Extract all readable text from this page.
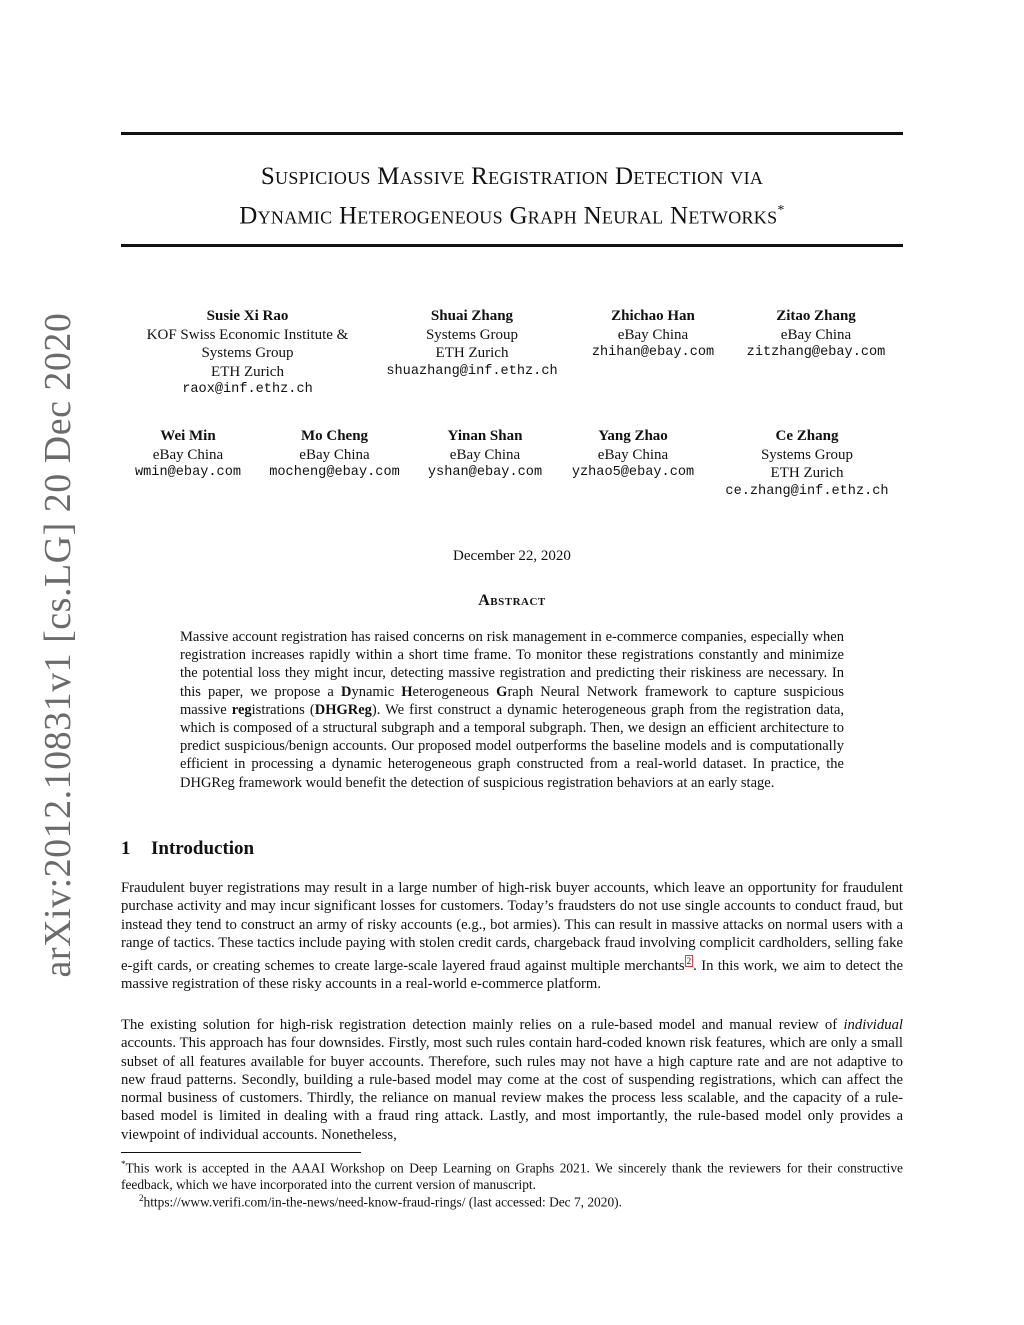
arXiv:2012.10831v1 [cs.LG] 20 Dec 2020
Suspicious Massive Registration Detection via
Dynamic Heterogeneous Graph Neural Networks*
Susie Xi Rao
KOF Swiss Economic Institute &
Systems Group
ETH Zurich
raox@inf.ethz.ch
Shuai Zhang
Systems Group
ETH Zurich
shuazhang@inf.ethz.ch
Zhichao Han
eBay China
zhihan@ebay.com
Zitao Zhang
eBay China
zitzhang@ebay.com
Wei Min
eBay China
wmin@ebay.com
Mo Cheng
eBay China
mocheng@ebay.com
Yinan Shan
eBay China
yshan@ebay.com
Yang Zhao
eBay China
yzhao5@ebay.com
Ce Zhang
Systems Group
ETH Zurich
ce.zhang@inf.ethz.ch
December 22, 2020
Abstract

Massive account registration has raised concerns on risk management in e-commerce companies, especially when registration increases rapidly within a short time frame. To monitor these registrations constantly and minimize the potential loss they might incur, detecting massive registration and predicting their riskiness are necessary. In this paper, we propose a Dynamic Heterogeneous Graph Neural Network framework to capture suspicious massive registrations (DHGReg). We first construct a dynamic heterogeneous graph from the registration data, which is composed of a structural subgraph and a temporal subgraph. Then, we design an efficient architecture to predict suspicious/benign accounts. Our proposed model outperforms the baseline models and is computationally efficient in processing a dynamic heterogeneous graph constructed from a real-world dataset. In practice, the DHGReg framework would benefit the detection of suspicious registration behaviors at an early stage.

1 Introduction

Fraudulent buyer registrations may result in a large number of high-risk buyer accounts, which leave an opportunity for fraudulent purchase activity and may incur significant losses for customers. Today’s fraudsters do not use single accounts to conduct fraud, but instead they tend to construct an army of risky accounts (e.g., bot armies). This can result in massive attacks on normal users with a range of tactics. These tactics include paying with stolen credit cards, chargeback fraud involving complicit cardholders, selling fake e-gift cards, or creating schemes to create large-scale layered fraud against multiple merchants $^2$ . In this work, we aim to detect the massive registration of these risky accounts in a real-world e-commerce platform.

The existing solution for high-risk registration detection mainly relies on a rule-based model and manual review of individual accounts. This approach has four downsides. Firstly, most such rules contain hard-coded known risk features, which are only a small subset of all features available for buyer accounts. Therefore, such rules may not have a high capture rate and are not adaptive to new fraud patterns. Secondly, building a rule-based model may come at the cost of suspending registrations, which can affect the normal business of customers. Thirdly, the reliance on manual review makes the process less scalable, and the capacity of a rule-based model is limited in dealing with a fraud ring attack. Lastly, and most importantly, the rule-based model only provides a viewpoint of individual accounts. Nonetheless,

*This work is accepted in the AAAI Workshop on Deep Learning on Graphs 2021. We sincerely thank the reviewers for their constructive feedback, which we have incorporated into the current version of manuscript.

$^2$https://www.verifi.com/in-the-news/need-know-fraud-rings/ (last accessed: Dec 7, 2020).
